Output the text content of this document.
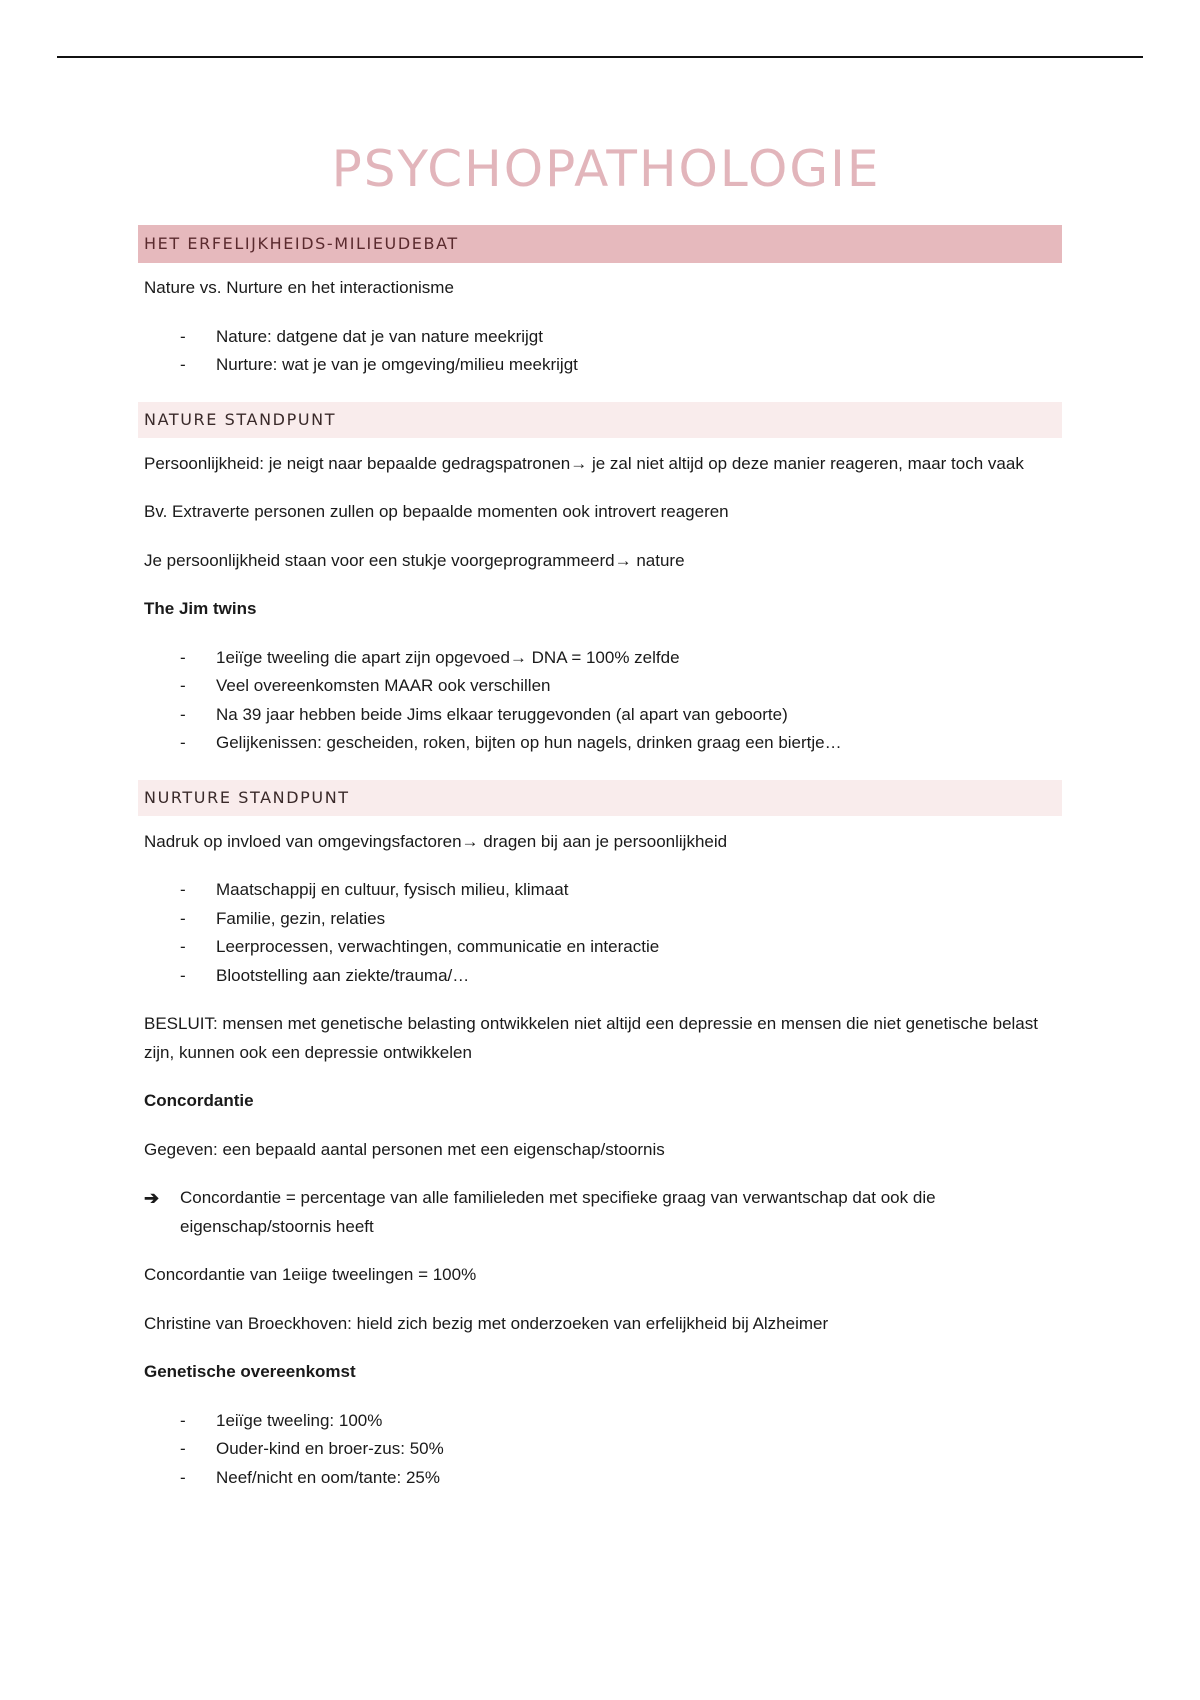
PSYCHOPATHOLOGIE
HET ERFELIJKHEIDS-MILIEUDEBAT

Nature vs. Nurture en het interactionisme

- Nature: datgene dat je van nature meekrijgt
- Nurture: wat je van je omgeving/milieu meekrijgt
NATURE STANDPUNT

Persoonlijkheid: je neigt naar bepaalde gedragspatronen→ je zal niet altijd op deze manier reageren, maar toch vaak

Bv. Extraverte personen zullen op bepaalde momenten ook introvert reageren

Je persoonlijkheid staan voor een stukje voorgeprogrammeerd→ nature

The Jim twins

- 1eiïge tweeling die apart zijn opgevoed→ DNA = 100% zelfde
- Veel overeenkomsten MAAR ook verschillen
- Na 39 jaar hebben beide Jims elkaar teruggevonden (al apart van geboorte)
- Gelijkenissen: gescheiden, roken, bijten op hun nagels, drinken graag een biertje…
NURTURE STANDPUNT

Nadruk op invloed van omgevingsfactoren→ dragen bij aan je persoonlijkheid

- Maatschappij en cultuur, fysisch milieu, klimaat
- Familie, gezin, relaties
- Leerprocessen, verwachtingen, communicatie en interactie
- Blootstelling aan ziekte/trauma/…

BESLUIT: mensen met genetische belasting ontwikkelen niet altijd een depressie en mensen die niet genetische belast zijn, kunnen ook een depressie ontwikkelen

Concordantie

Gegeven: een bepaald aantal personen met een eigenschap/stoornis

➔ Concordantie = percentage van alle familieleden met specifieke graag van verwantschap dat ook die eigenschap/stoornis heeft

Concordantie van 1eiige tweelingen = 100%

Christine van Broeckhoven: hield zich bezig met onderzoeken van erfelijkheid bij Alzheimer

Genetische overeenkomst

- 1eiïge tweeling: 100%
- Ouder-kind en broer-zus: 50%
- Neef/nicht en oom/tante: 25%
